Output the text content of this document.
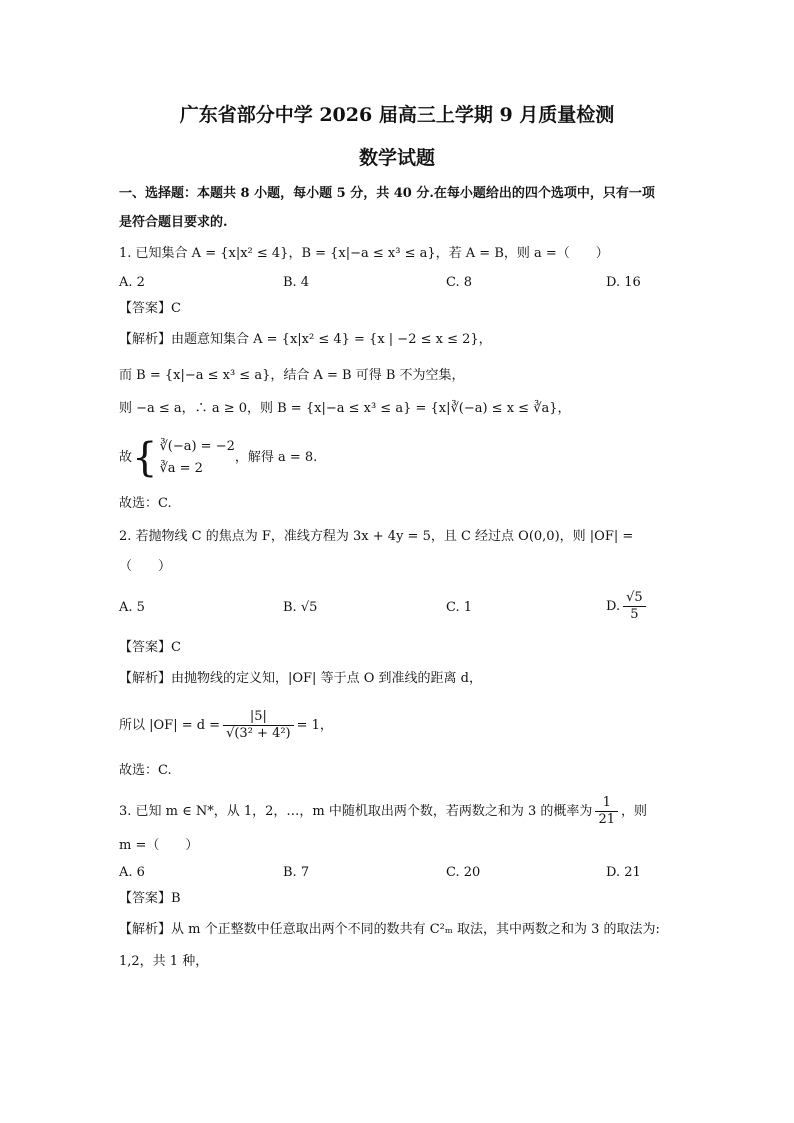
广东省部分中学 2026 届高三上学期 9 月质量检测
数学试题
一、选择题：本题共 8 小题，每小题 5 分，共 40 分.在每小题给出的四个选项中，只有一项
是符合题目要求的.
1. 已知集合 A = {x|x² ≤ 4}，B = {x|−a ≤ x³ ≤ a}，若 A = B，则 a =（　　）
A. 2	B. 4	C. 8	D. 16
【答案】C
【解析】由题意知集合 A = {x|x² ≤ 4} = {x | −2 ≤ x ≤ 2}，
而 B = {x|−a ≤ x³ ≤ a}，结合 A = B 可得 B 不为空集，
则 −a ≤ a，∴ a ≥ 0，则 B = {x|−a ≤ x³ ≤ a} = {x|∛(−a) ≤ x ≤ ∛a}，
故{ ∛(−a) = −2
∛a = 2
，解得 a = 8.
故选：C.
2. 若抛物线 C 的焦点为 F，准线方程为 3x + 4y = 5，且 C 经过点 O(0,0)，则 |OF| =
（　　）
A. 5	B. √5	C. 1	D. $\frac{√5}{5}$
【答案】C
【解析】由抛物线的定义知，|OF| 等于点 O 到准线的距离 d，
所以 $|OF| = d = \frac{|5|}{\text{√(3² + 4²)}} = 1$，
故选：C.
3. 已知 m ∈ N*，从 1，2，…，m 中随机取出两个数，若两数之和为 3 的概率为 $\frac{1}{21}$ ，则
m =（　　）
A. 6	B. 7	C. 20	D. 21
【答案】B
【解析】从 m 个正整数中任意取出两个不同的数共有 C²ₘ 取法，其中两数之和为 3 的取法为:
1,2，共 1 种，
